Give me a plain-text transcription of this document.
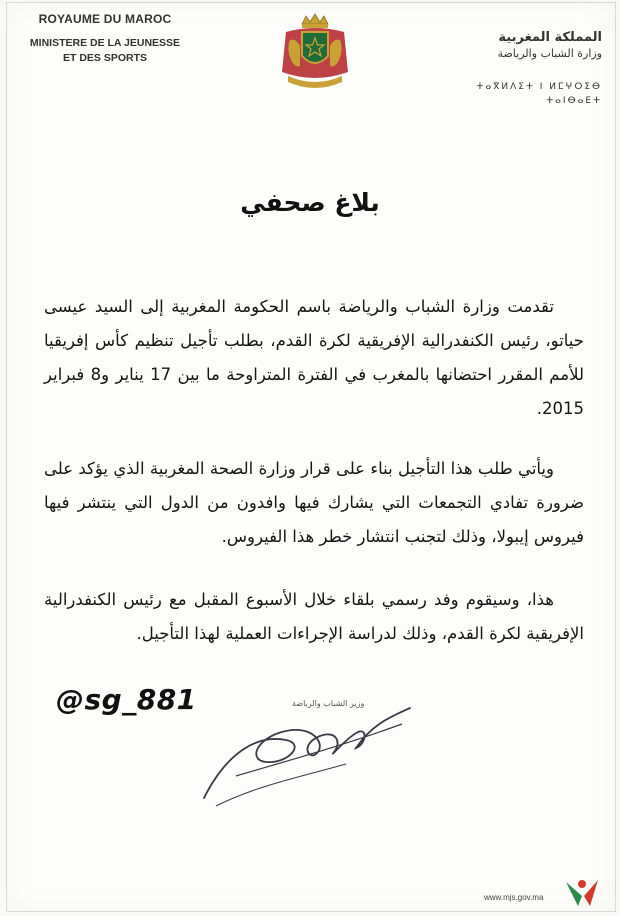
ROYAUME DU MAROC
MINISTERE DE LA JEUNESSE
ET DES SPORTS
المملكة المغربية
وزارة الشباب والرياضة
ⵜⴰⴳⵍⴷⵉⵜ ⵏ ⵍⵎⵖⵔⵉⴱ
ⵜⴰⵏⴱⴰⴹⵜ
بلاغ صحفي

تقدمت وزارة الشباب والرياضة باسم الحكومة المغربية إلى السيد عيسى حياتو، رئيس الكنفدرالية الإفريقية لكرة القدم، بطلب تأجيل تنظيم كأس إفريقيا للأمم المقرر احتضانها بالمغرب في الفترة المتراوحة ما بين 17 يناير و8 فبراير 2015.

ويأتي طلب هذا التأجيل بناء على قرار وزارة الصحة المغربية الذي يؤكد على ضرورة تفادي التجمعات التي يشارك فيها وافدون من الدول التي ينتشر فيها فيروس إيبولا، وذلك لتجنب انتشار خطر هذا الفيروس.

هذا، وسيقوم وفد رسمي بلقاء خلال الأسبوع المقبل مع رئيس الكنفدرالية الإفريقية لكرة القدم، وذلك لدراسة الإجراءات العملية لهذا التأجيل.

@sg_881	وزير الشباب والرياضة
www.mjs.gov.ma
